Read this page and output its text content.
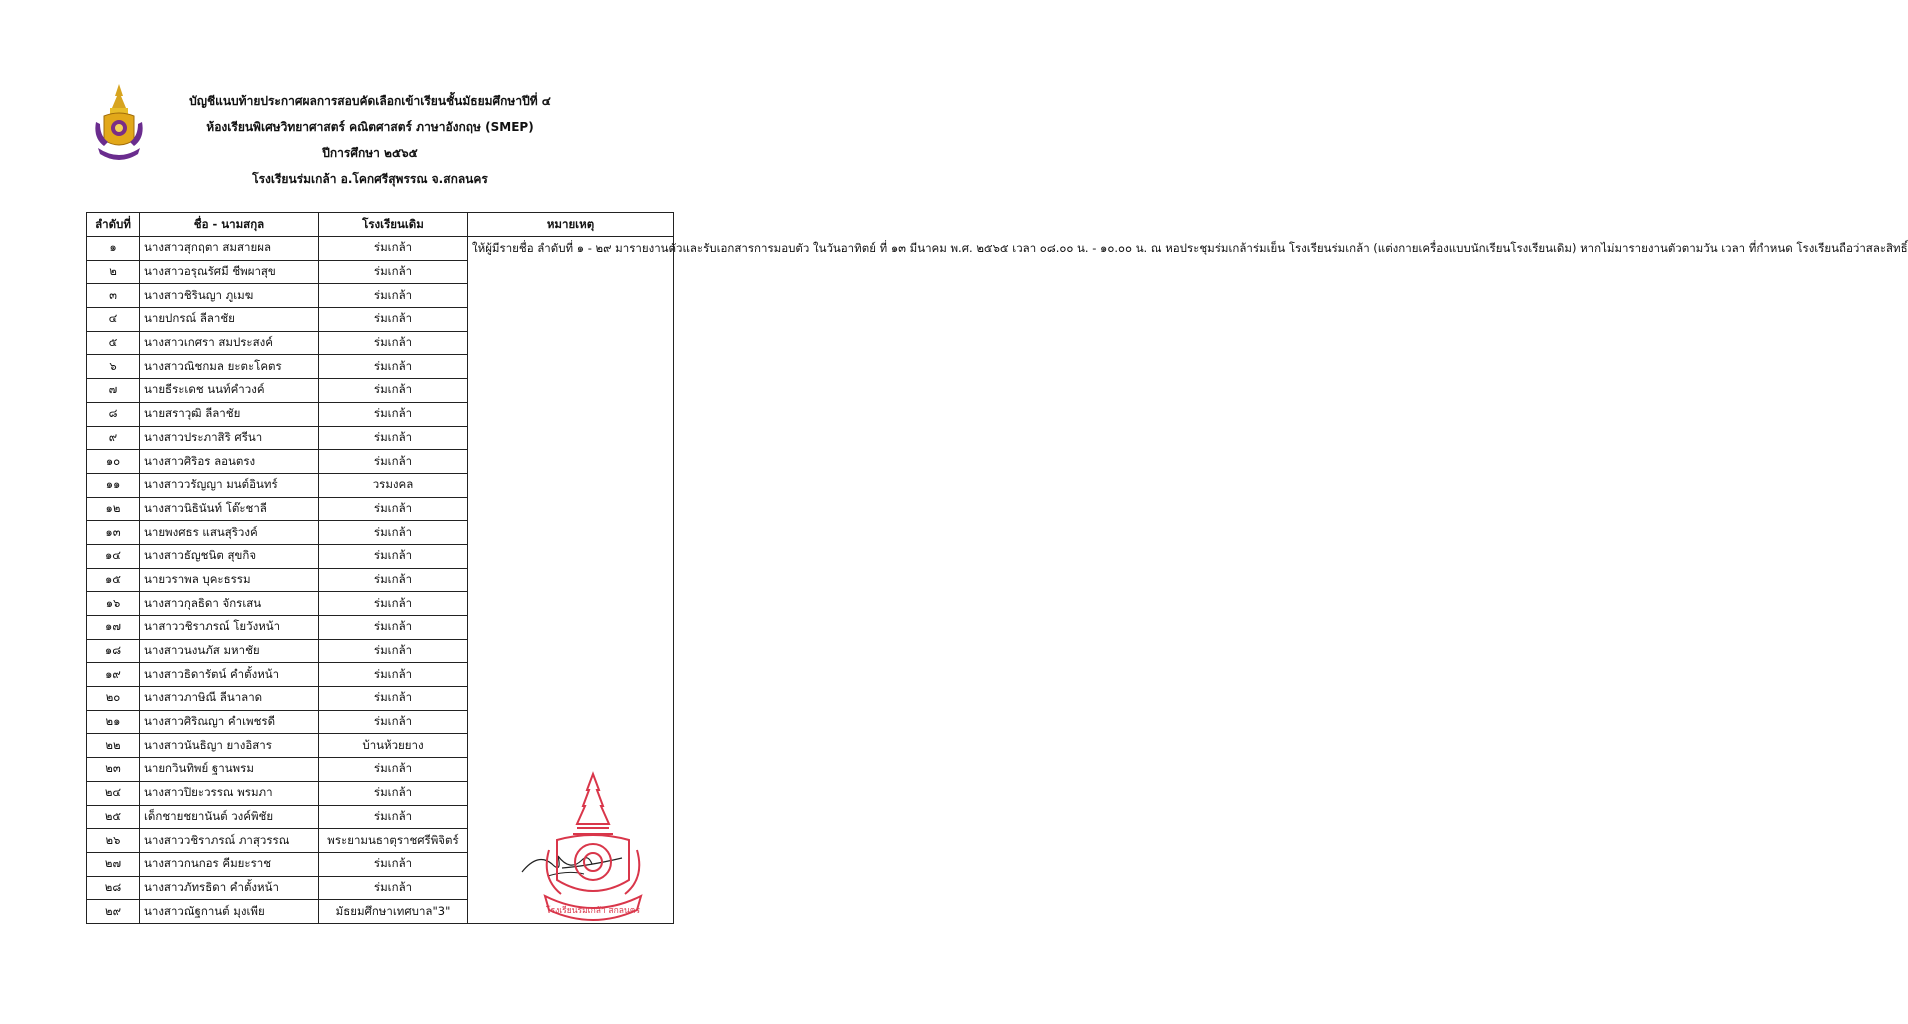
บัญชีแนบท้ายประกาศผลการสอบคัดเลือกเข้าเรียนชั้นมัธยมศึกษาปีที่ ๔
ห้องเรียนพิเศษวิทยาศาสตร์ คณิตศาสตร์ ภาษาอังกฤษ (SMEP)
ปีการศึกษา ๒๕๖๕
โรงเรียนร่มเกล้า อ.โคกศรีสุพรรณ จ.สกลนคร
ลำดับที่	ชื่อ - นามสกุล	โรงเรียนเดิม	หมายเหตุ
๑	นางสาวสุกฤตา สมสายผล	ร่มเกล้า	ให้ผู้มีรายชื่อ ลำดับที่ ๑ - ๒๙ มารายงานตัวและรับเอกสารการมอบตัว ในวันอาทิตย์ ที่ ๑๓ มีนาคม พ.ศ. ๒๕๖๕ เวลา ๐๘.๐๐ น. - ๑๐.๐๐ น. ณ หอประชุมร่มเกล้าร่มเย็น โรงเรียนร่มเกล้า (แต่งกายเครื่องแบบนักเรียนโรงเรียนเดิม) หากไม่มารายงานตัวตามวัน เวลา ที่กำหนด โรงเรียนถือว่าสละสิทธิ์
๒	นางสาวอรุณรัศมี ชีพผาสุข	ร่มเกล้า	
๓	นางสาวชิรินญา ภูเมฆ	ร่มเกล้า	
๔	นายปกรณ์ ลีลาชัย	ร่มเกล้า	
๕	นางสาวเกศรา สมประสงค์	ร่มเกล้า	
๖	นางสาวณิชกมล ยะตะโคตร	ร่มเกล้า	
๗	นายธีระเดช นนท์คำวงค์	ร่มเกล้า	
๘	นายสราวุฒิ ลีลาชัย	ร่มเกล้า	
๙	นางสาวประภาสิริ ศรีนา	ร่มเกล้า	
๑๐	นางสาวศิริอร ลอนตรง	ร่มเกล้า	
๑๑	นางสาววรัญญา มนต์อินทร์	วรมงคล	
๑๒	นางสาวนิธินันท์ โต๊ะชาลี	ร่มเกล้า	
๑๓	นายพงศธร แสนสุริวงค์	ร่มเกล้า	
๑๔	นางสาวธัญชนิต สุขกิจ	ร่มเกล้า	
๑๕	นายวราพล บุคะธรรม	ร่มเกล้า	
๑๖	นางสาวกุลธิดา จักรเสน	ร่มเกล้า	
๑๗	นาสาววชิราภรณ์ โยวังหน้า	ร่มเกล้า	
๑๘	นางสาวนงนภัส มหาชัย	ร่มเกล้า	
๑๙	นางสาวธิดารัตน์ คำตั้งหน้า	ร่มเกล้า	
๒๐	นางสาวภาษิณี ลีนาลาด	ร่มเกล้า	
๒๑	นางสาวศิริณญา คำเพชรดี	ร่มเกล้า	
๒๒	นางสาวนันธิญา ยางอิสาร	บ้านห้วยยาง	
๒๓	นายกวินทิพย์ ฐานพรม	ร่มเกล้า	
๒๔	นางสาวปิยะวรรณ พรมภา	ร่มเกล้า	
๒๕	เด็กชายชยานันต์ วงค์พิชัย	ร่มเกล้า	
๒๖	นางสาววชิราภรณ์ ภาสุวรรณ	พระยามนธาตุราชศรีพิจิตร์	
๒๗	นางสาวกนกอร คีมยะราช	ร่มเกล้า	
๒๘	นางสาวภัทรธิดา คำตั้งหน้า	ร่มเกล้า	
๒๙	นางสาวณัฐกานต์ มุงเพีย	มัธยมศึกษาเทศบาล"3"		โรงเรียนร่มเกล้า สกลนคร
